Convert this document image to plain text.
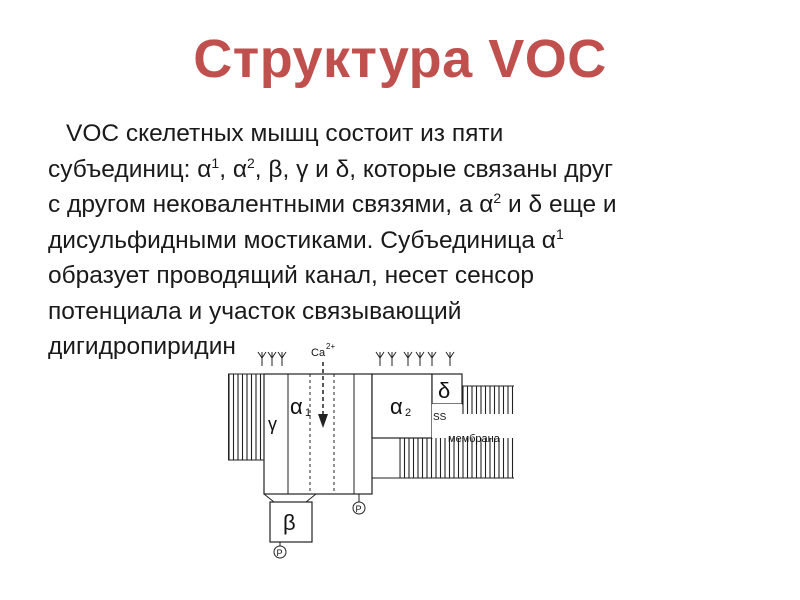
Структура VOC

VOC скелетных мышц состоит из пяти
субъединиц: $\alpha^1$, $\alpha^2$, β, γ и δ, которые связаны друг
с другом нековалентными связями, а $\alpha^2$ и δ еще и
дисульфидными мостиками. Субъединица $\alpha^1$
образует проводящий канал, несет сенсор
потенциала и участок связывающий
дигидропиридин	Ca
2+
α 1	α 2
γ
δ
SS
мембрана
β
P
P
